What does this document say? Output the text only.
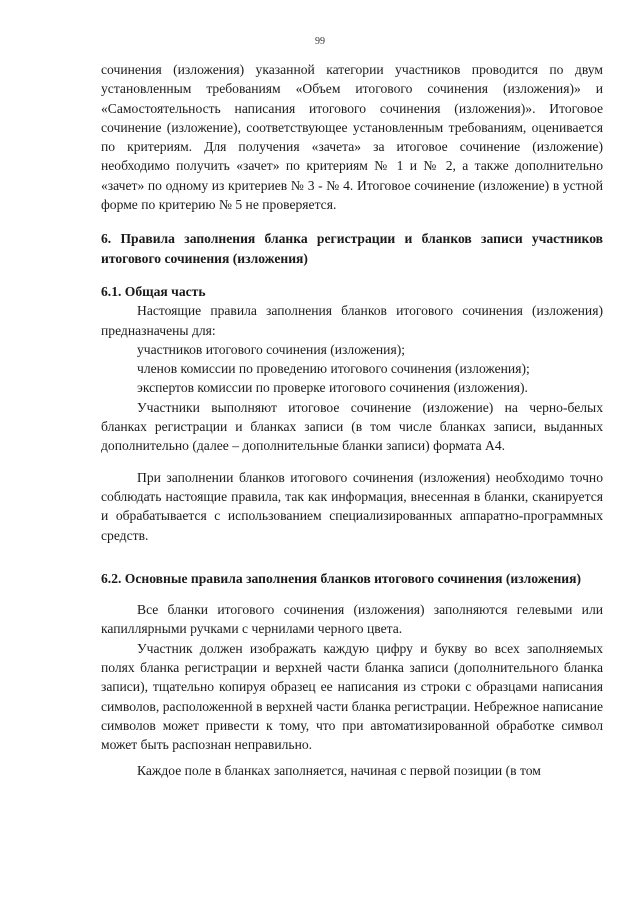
99

сочинения (изложения) указанной категории участников проводится по двум установленным требованиям «Объем итогового сочинения (изложения)» и «Самостоятельность написания итогового сочинения (изложения)». Итоговое сочинение (изложение), соответствующее установленным требованиям, оценивается по критериям. Для получения «зачета» за итоговое сочинение (изложение) необходимо получить «зачет» по критериям № 1 и № 2, а также дополнительно «зачет» по одному из критериев № 3 - № 4. Итоговое сочинение (изложение) в устной форме по критерию № 5 не проверяется.

6. Правила заполнения бланка регистрации и бланков записи участников итогового сочинения (изложения)
6.1. Общая часть

Настоящие правила заполнения бланков итогового сочинения (изложения) предназначены для:

участников итогового сочинения (изложения);

членов комиссии по проведению итогового сочинения (изложения);

экспертов комиссии по проверке итогового сочинения (изложения).

Участники выполняют итоговое сочинение (изложение) на черно-белых бланках регистрации и бланках записи (в том числе бланках записи, выданных дополнительно (далее – дополнительные бланки записи) формата А4.

При заполнении бланков итогового сочинения (изложения) необходимо точно соблюдать настоящие правила, так как информация, внесенная в бланки, сканируется и обрабатывается с использованием специализированных аппаратно-программных средств.

6.2. Основные правила заполнения бланков итогового сочинения (изложения)

Все бланки итогового сочинения (изложения) заполняются гелевыми или капиллярными ручками с чернилами черного цвета.

Участник должен изображать каждую цифру и букву во всех заполняемых полях бланка регистрации и верхней части бланка записи (дополнительного бланка записи), тщательно копируя образец ее написания из строки с образцами написания символов, расположенной в верхней части бланка регистрации. Небрежное написание символов может привести к тому, что при автоматизированной обработке символ может быть распознан неправильно.

Каждое поле в бланках заполняется, начиная с первой позиции (в том
